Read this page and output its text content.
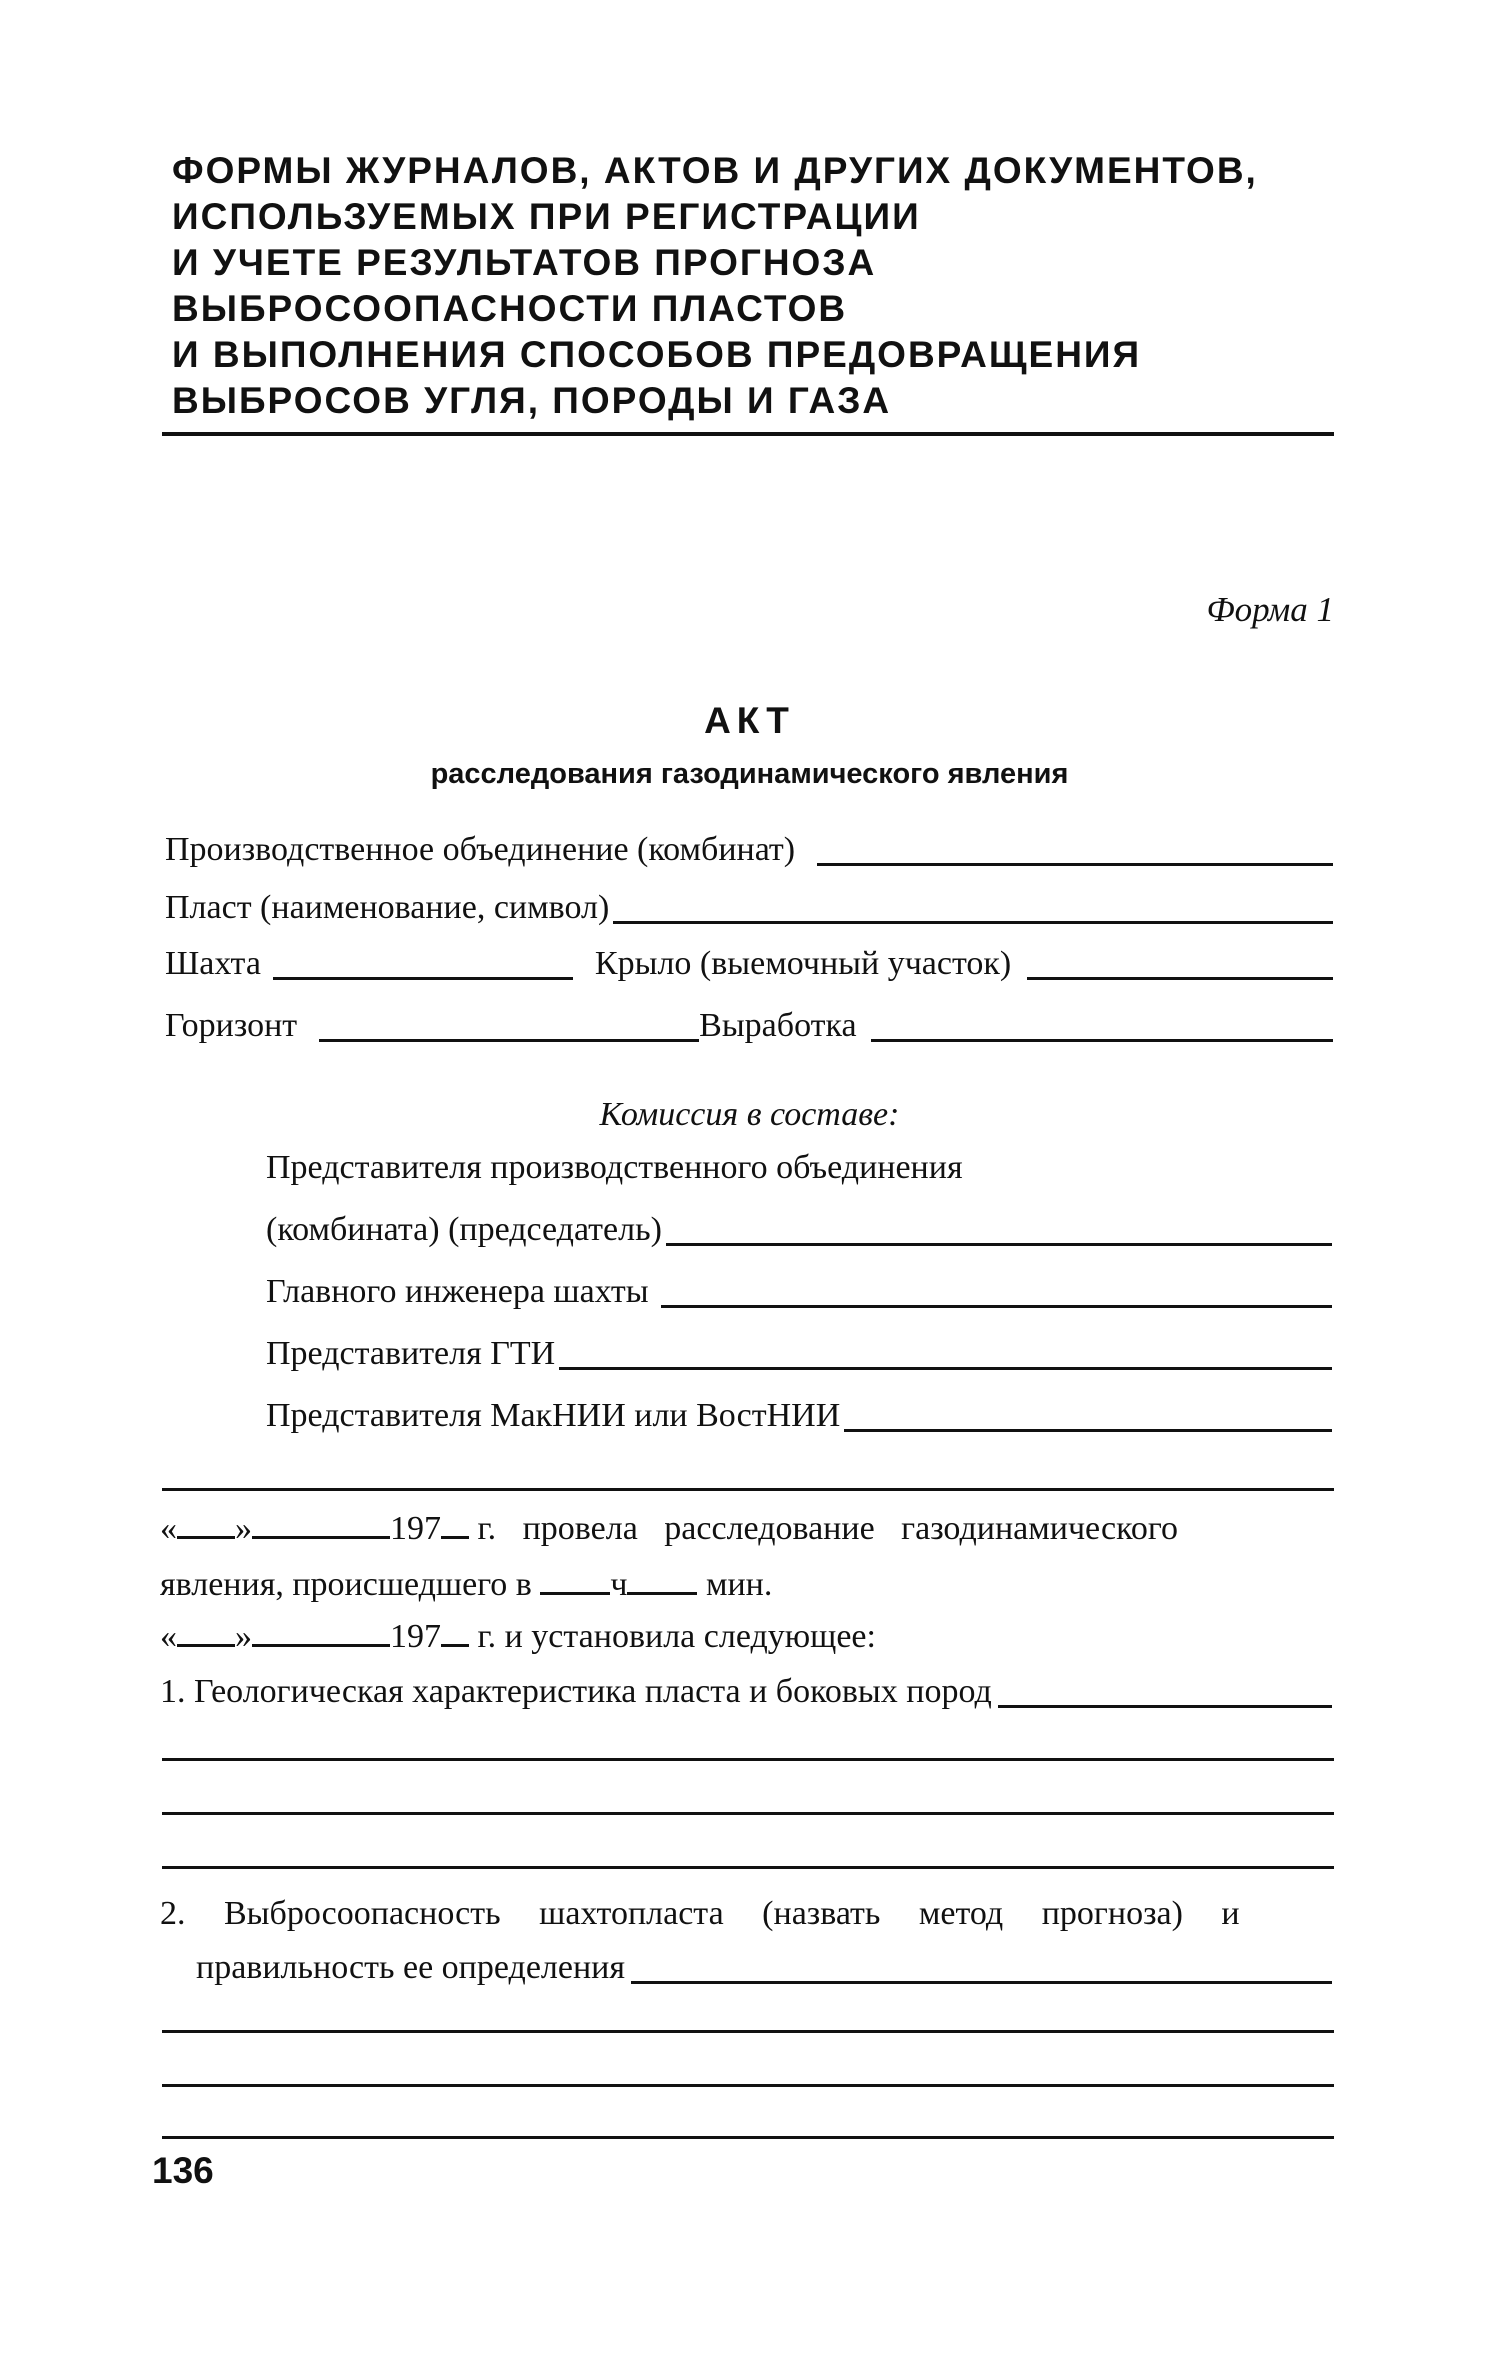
ФОРМЫ ЖУРНАЛОВ, АКТОВ И ДРУГИХ ДОКУМЕНТОВ,
ИСПОЛЬЗУЕМЫХ ПРИ РЕГИСТРАЦИИ
И УЧЕТЕ РЕЗУЛЬТАТОВ ПРОГНОЗА
ВЫБРОСООПАСНОСТИ ПЛАСТОВ
И ВЫПОЛНЕНИЯ СПОСОБОВ ПРЕДОВРАЩЕНИЯ
ВЫБРОСОВ УГЛЯ, ПОРОДЫ И ГАЗА
Форма 1
АКТ
расследования газодинамического явления
Производственное объединение (комбинат)
Пласт (наименование, символ)
Шахта	Крыло (выемочный участок)
Горизонт	Выработка
Комиссия в составе:
Представителя производственного объединения
(комбината) (председатель)
Главного инженера шахты
Представителя ГТИ
Представителя МакНИИ или ВостНИИ
« »	197 г. провела расследование газодинамического
явления, происшедшего в ч мин.
« »	197 г. и установила следующее:
1. Геологическая характеристика пласта и боковых пород
2. Выбросоопасность шахтопласта (назвать метод прогноза) и
правильность ее определения
136
